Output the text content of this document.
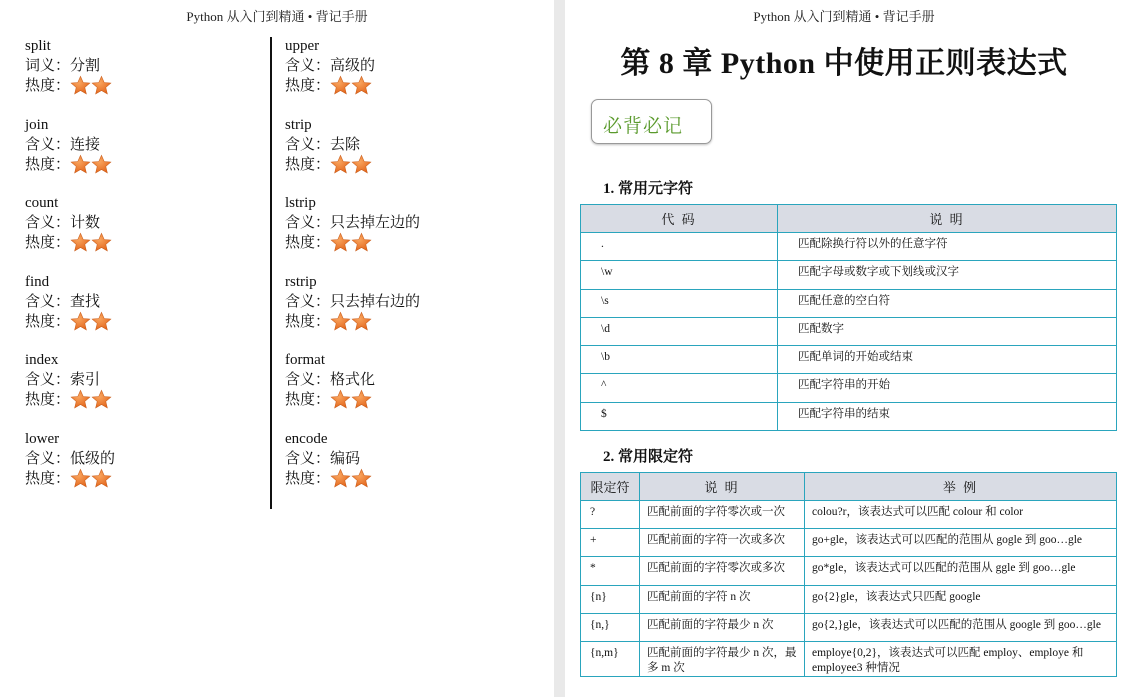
Python 从入门到精通 • 背记手册
split
词义：分割
热度：
join
含义：连接
热度：
count
含义：计数
热度：
find
含义：查找
热度：
index
含义：索引
热度：
lower
含义：低级的
热度：
upper
含义：高级的
热度：
strip
含义：去除
热度：
lstrip
含义：只去掉左边的
热度：
rstrip
含义：只去掉右边的
热度：
format
含义：格式化
热度：
encode
含义：编码
热度：
Python 从入门到精通 • 背记手册
第 8 章 Python 中使用正则表达式
必背必记
1. 常用元字符
代 码	说 明
.	匹配除换行符以外的任意字符
\w	匹配字母或数字或下划线或汉字
\s	匹配任意的空白符
\d	匹配数字
\b	匹配单词的开始或结束
^	匹配字符串的开始
$	匹配字符串的结束
2. 常用限定符
限定符	说 明	举 例
?	匹配前面的字符零次或一次	colou?r，该表达式可以匹配 colour 和 color
+	匹配前面的字符一次或多次	go+gle，该表达式可以匹配的范围从 gogle 到 goo…gle
*	匹配前面的字符零次或多次	go*gle，该表达式可以匹配的范围从 ggle 到 goo…gle
{n}	匹配前面的字符 n 次	go{2}gle，该表达式只匹配 google
{n,}	匹配前面的字符最少 n 次	go{2,}gle，该表达式可以匹配的范围从 google 到 goo…gle
{n,m}	匹配前面的字符最少 n 次，最多 m 次	employe{0,2}，该表达式可以匹配 employ、employe 和 employee3 种情况
